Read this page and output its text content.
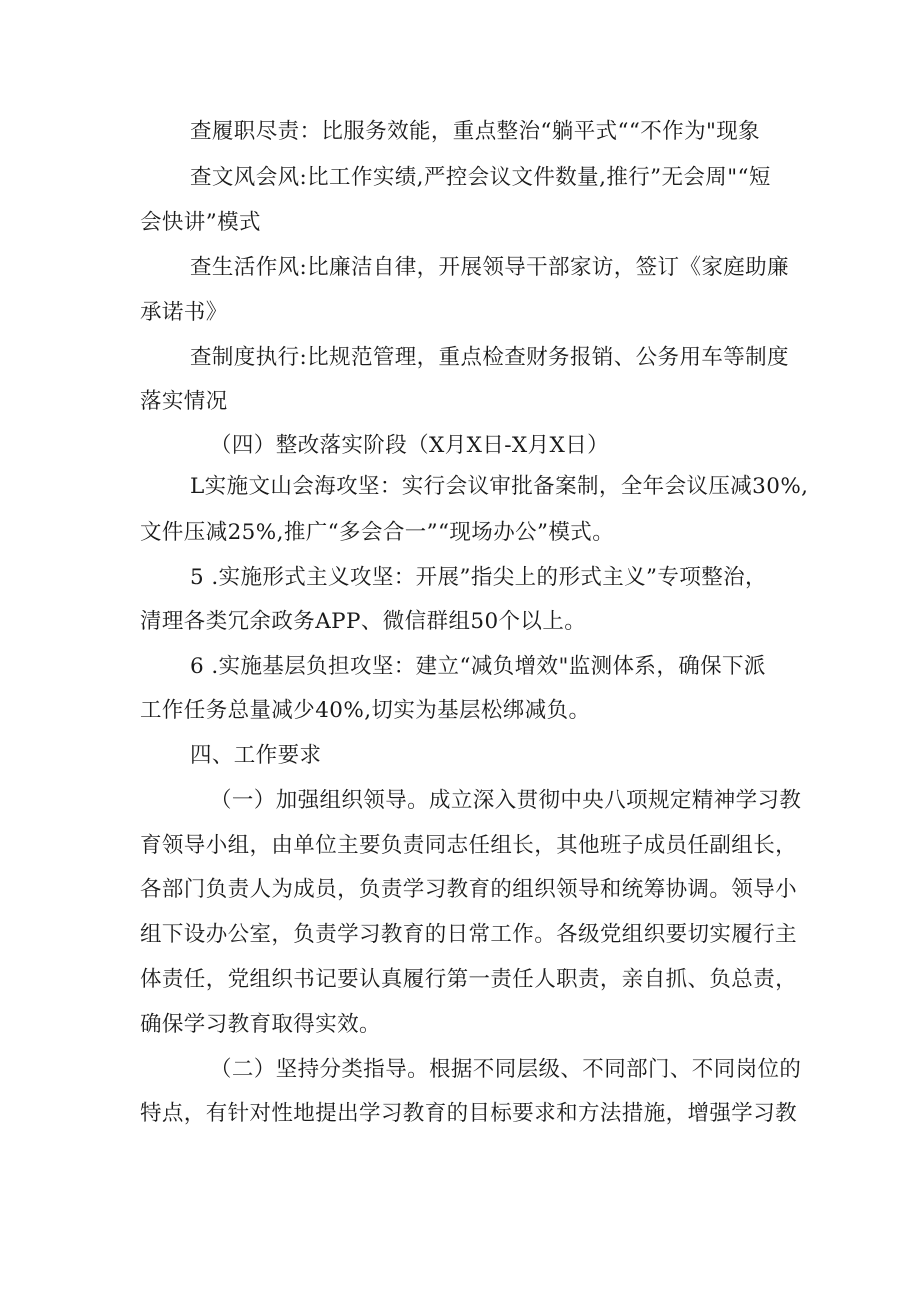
查履职尽责：比服务效能，重点整治“躺平式““不作为"现象
查文风会风:比工作实绩,严控会议文件数量,推行”无会周"“短
会快讲”模式
查生活作风:比廉洁自律，开展领导干部家访，签订《家庭助廉
承诺书》
查制度执行:比规范管理，重点检查财务报销、公务用车等制度
落实情况
（四）整改落实阶段（X月X日-X月X日）
L实施文山会海攻坚：实行会议审批备案制，全年会议压减30%,
文件压减25%,推广“多会合一”“现场办公”模式。
5 .实施形式主义攻坚：开展”指尖上的形式主义”专项整治，
清理各类冗余政务APP、微信群组50个以上。
6 .实施基层负担攻坚：建立“减负增效"监测体系，确保下派
工作任务总量减少40%,切实为基层松绑减负。
四、工作要求
（一）加强组织领导。成立深入贯彻中央八项规定精神学习教
育领导小组，由单位主要负责同志任组长，其他班子成员任副组长，
各部门负责人为成员，负责学习教育的组织领导和统筹协调。领导小
组下设办公室，负责学习教育的日常工作。各级党组织要切实履行主
体责任，党组织书记要认真履行第一责任人职责，亲自抓、负总责，
确保学习教育取得实效。
（二）坚持分类指导。根据不同层级、不同部门、不同岗位的
特点，有针对性地提出学习教育的目标要求和方法措施，增强学习教
